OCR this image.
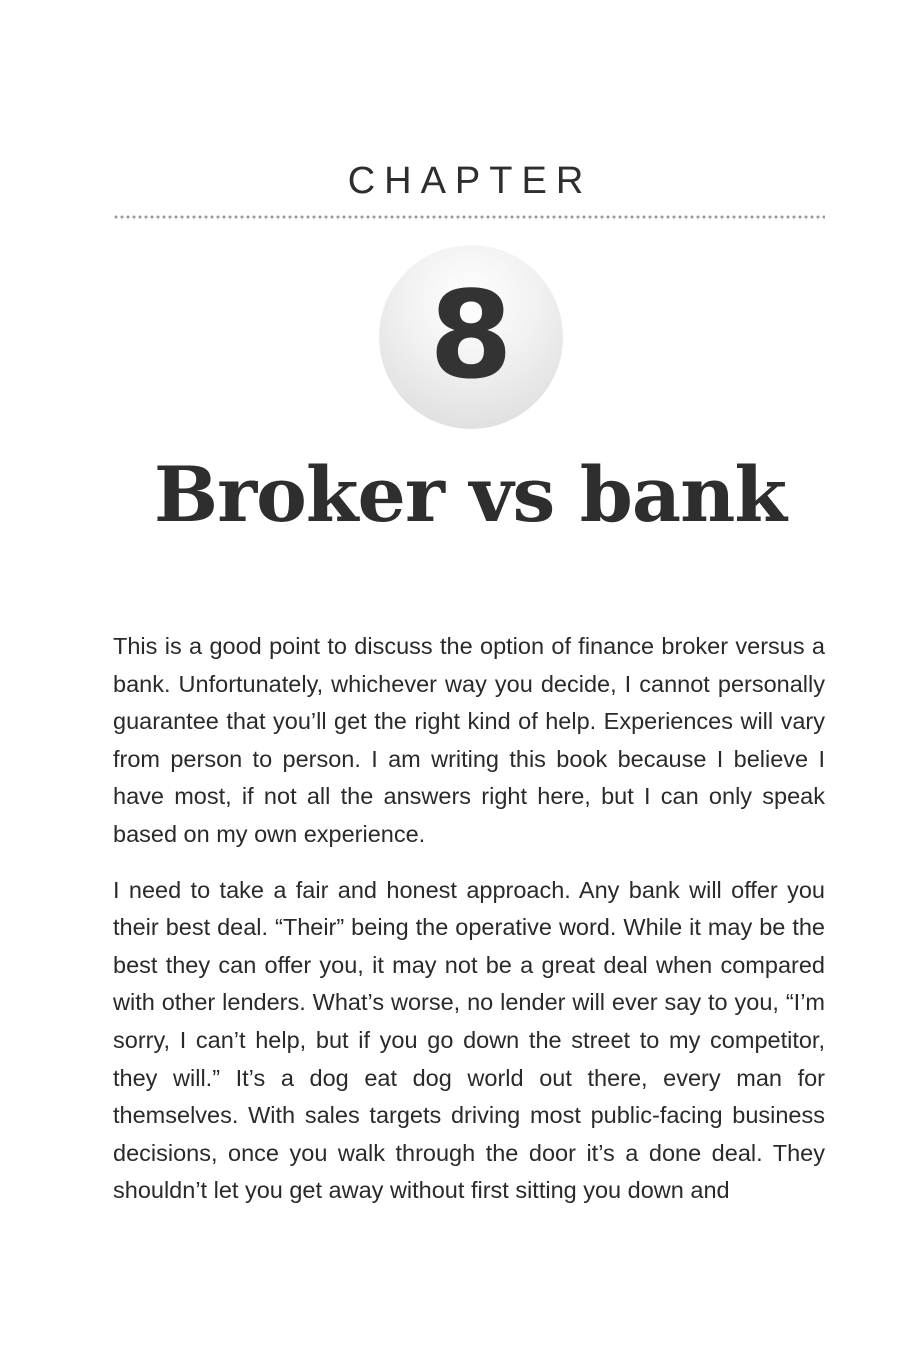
CHAPTER
8
Broker vs bank

This is a good point to discuss the option of finance broker versus a bank. Unfortunately, whichever way you decide, I cannot personally guarantee that you’ll get the right kind of help. Experiences will vary from person to person. I am writing this book because I believe I have most, if not all the answers right here, but I can only speak based on my own experience.

I need to take a fair and honest approach. Any bank will offer you their best deal. “Their” being the operative word. While it may be the best they can offer you, it may not be a great deal when compared with other lenders. What’s worse, no lender will ever say to you, “I’m sorry, I can’t help, but if you go down the street to my competitor, they will.” It’s a dog eat dog world out there, every man for themselves. With sales targets driving most public-facing business decisions, once you walk through the door it’s a done deal. They shouldn’t let you get away without first sitting you down and
